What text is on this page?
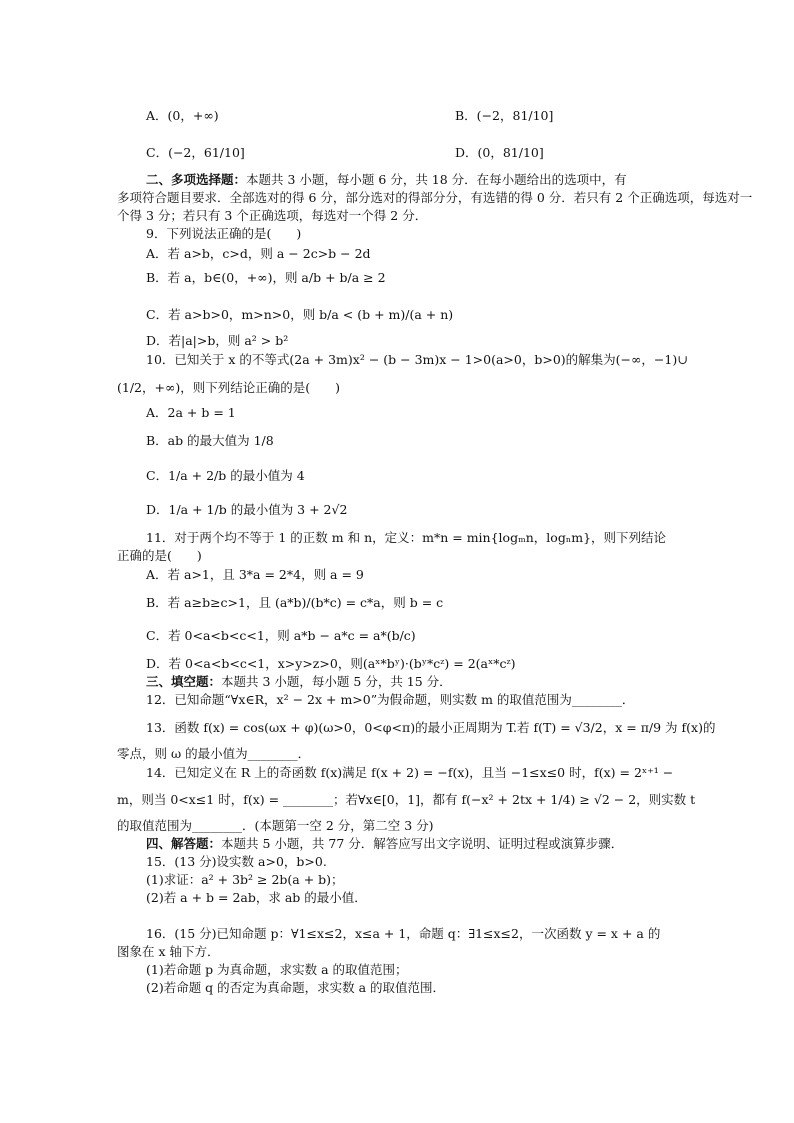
A．(0，+∞)	B．(−2，81/10]
C．(−2，61/10]	D．(0，81/10]
二、多项选择题：本题共 3 小题，每小题 6 分，共 18 分．在每小题给出的选项中，有
多项符合题目要求．全部选对的得 6 分，部分选对的得部分分，有选错的得 0 分．若只有 2 个正确选项，每选对一
个得 3 分；若只有 3 个正确选项，每选对一个得 2 分．
9．下列说法正确的是(　　)
A．若 a>b，c>d，则 a − 2c>b − 2d
B．若 a，b∈(0，+∞)，则 a/b + b/a ≥ 2
C．若 a>b>0，m>n>0，则 b/a < (b + m)/(a + n)
D．若|a|>b，则 a² > b²
10．已知关于 x 的不等式(2a + 3m)x² − (b − 3m)x − 1>0(a>0，b>0)的解集为(−∞，−1)∪
(1/2，+∞)，则下列结论正确的是(　　)
A．2a + b = 1
B．ab 的最大值为 1/8
C．1/a + 2/b 的最小值为 4
D．1/a + 1/b 的最小值为 3 + 2√2
11．对于两个均不等于 1 的正数 m 和 n，定义：m*n = min{logₘn，logₙm}，则下列结论
正确的是(　　)
A．若 a>1，且 3*a = 2*4，则 a = 9
B．若 a≥b≥c>1，且 (a*b)/(b*c) = c*a，则 b = c
C．若 0<a<b<c<1，则 a*b − a*c = a*(b/c)
D．若 0<a<b<c<1，x>y>z>0，则(aˣ*bʸ)·(bʸ*cᶻ) = 2(aˣ*cᶻ)
三、填空题：本题共 3 小题，每小题 5 分，共 15 分．
12．已知命题“∀x∈R，x² − 2x + m>0”为假命题，则实数 m 的取值范围为________．
13．函数 f(x) = cos(ωx + φ)(ω>0，0<φ<π)的最小正周期为 T.若 f(T) = √3/2，x = π/9 为 f(x)的
零点，则 ω 的最小值为________．
14．已知定义在 R 上的奇函数 f(x)满足 f(x + 2) = −f(x)，且当 −1≤x≤0 时，f(x) = 2ˣ⁺¹ −
m，则当 0<x≤1 时，f(x) = ________；若∀x∈[0，1]，都有 f(−x² + 2tx + 1/4) ≥ √2 − 2，则实数 t
的取值范围为________．(本题第一空 2 分，第二空 3 分)
四、解答题：本题共 5 小题，共 77 分．解答应写出文字说明、证明过程或演算步骤．
15．(13 分)设实数 a>0，b>0.
(1)求证：a² + 3b² ≥ 2b(a + b)；
(2)若 a + b = 2ab，求 ab 的最小值．
16．(15 分)已知命题 p：∀1≤x≤2，x≤a + 1，命题 q：∃1≤x≤2，一次函数 y = x + a 的
图象在 x 轴下方．
(1)若命题 p 为真命题，求实数 a 的取值范围；
(2)若命题 q 的否定为真命题，求实数 a 的取值范围．
